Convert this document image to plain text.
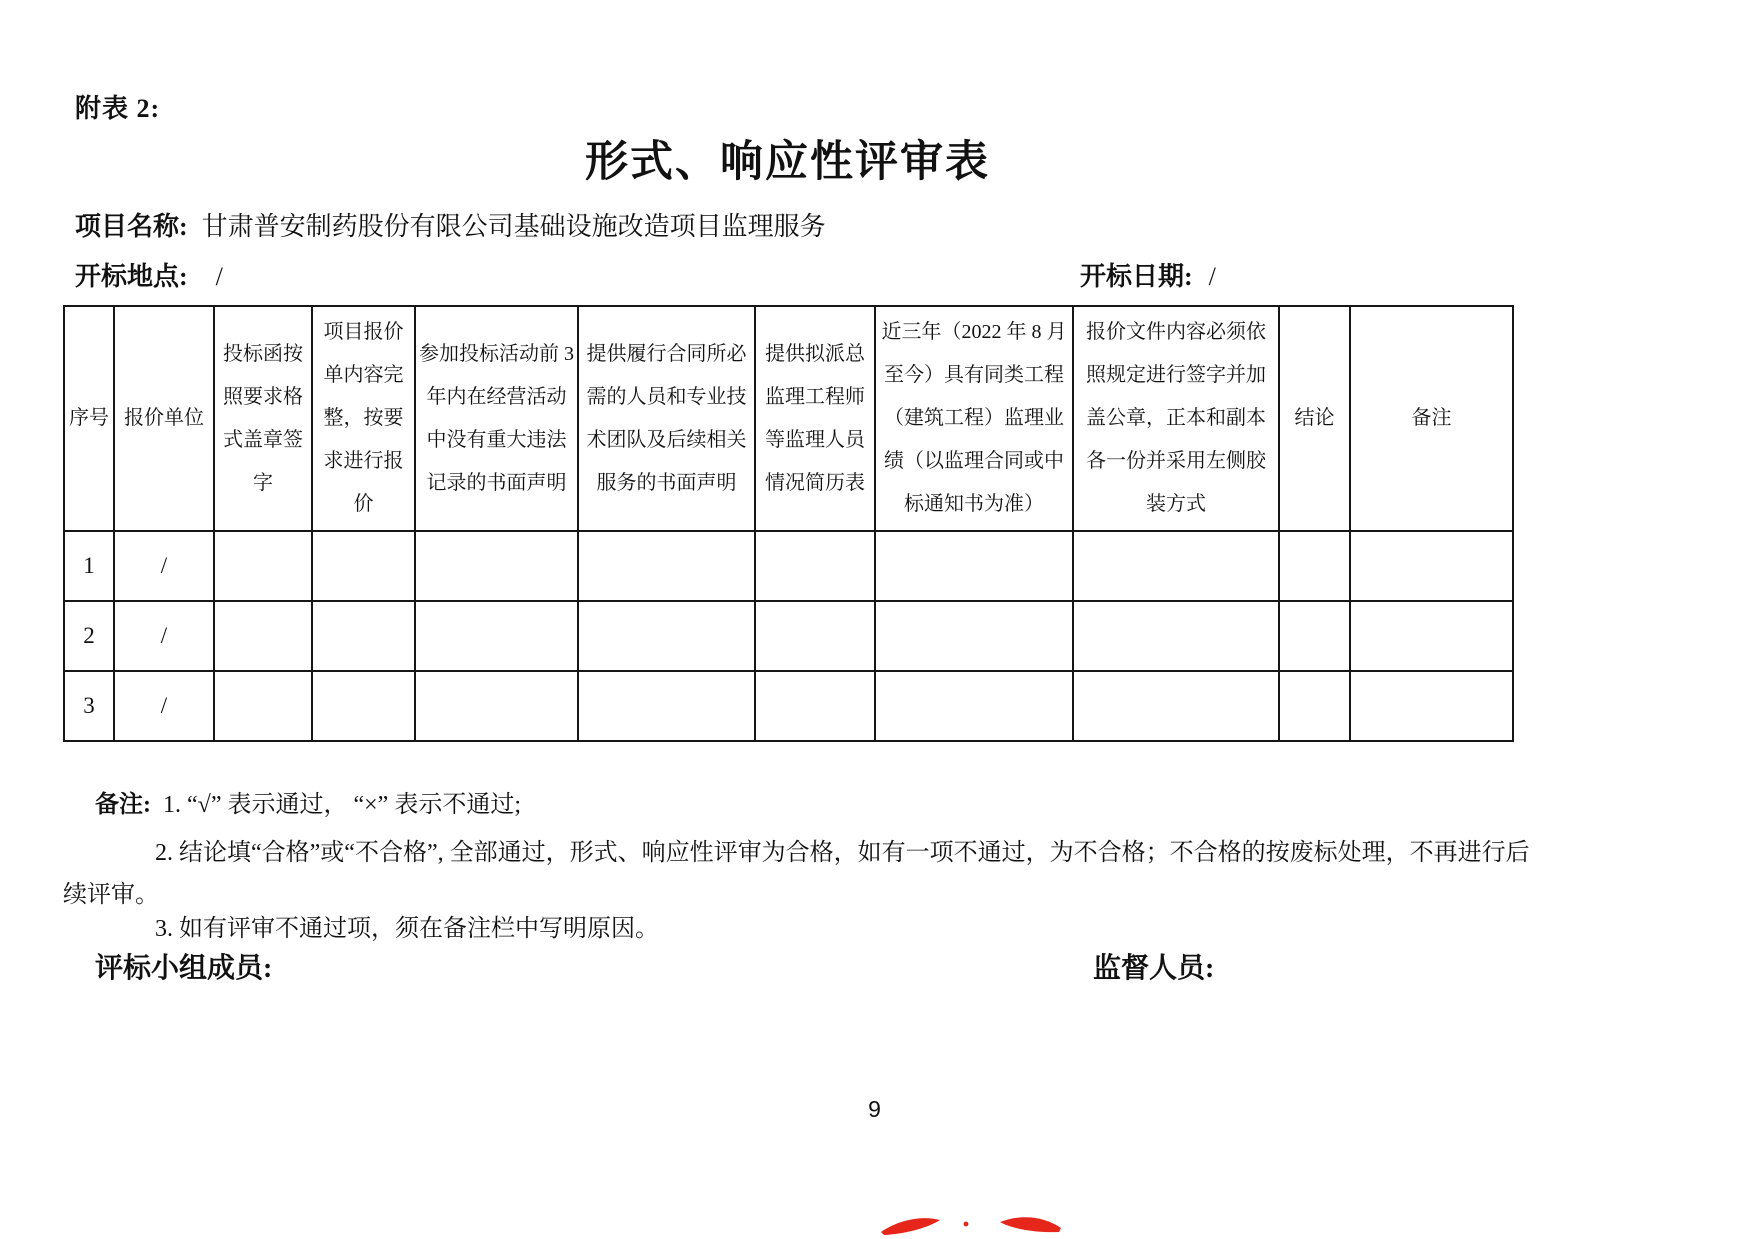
附表 2:
形式、响应性评审表
项目名称: 甘肃普安制药股份有限公司基础设施改造项目监理服务
开标地点: /	开标日期: /
序号	报价单位	投标函按照要求格式盖章签字	项目报价单内容完整，按要求进行报价	参加投标活动前 3 年内在经营活动中没有重大违法记录的书面声明	提供履行合同所必需的人员和专业技术团队及后续相关服务的书面声明	提供拟派总监理工程师等监理人员情况简历表	近三年（2022 年 8 月至今）具有同类工程（建筑工程）监理业绩（以监理合同或中标通知书为准）	报价文件内容必须依照规定进行签字并加盖公章，正本和副本各一份并采用左侧胶装方式	结论	备注
1	/									
2	/									
3	/									
备注: 1. “√” 表示通过， “×” 表示不通过;
2. 结论填“合格”或“不合格”, 全部通过，形式、响应性评审为合格，如有一项不通过，为不合格；不合格的按废标处理，不再进行后
续评审。
3. 如有评审不通过项，须在备注栏中写明原因。
评标小组成员:	监督人员:
9
